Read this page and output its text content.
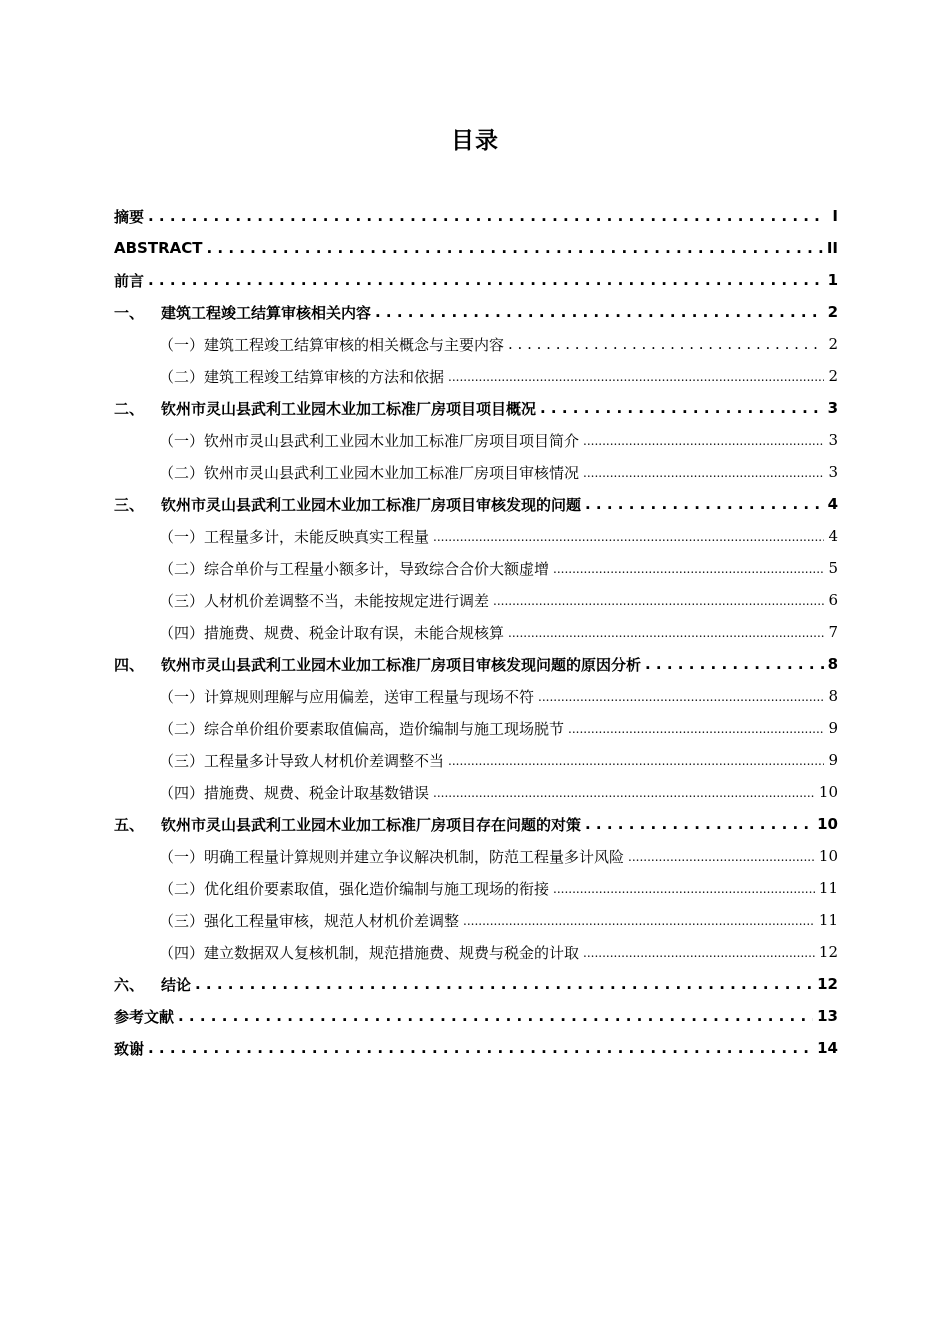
目录
摘要 . . .	I
ABSTRACT . . .	II
前言 . . .	1
一、	建筑工程竣工结算审核相关内容 . . .	2
（一）建筑工程竣工结算审核的相关概念与主要内容 . . .	2
（二）建筑工程竣工结算审核的方法和依据 .....	2
二、	钦州市灵山县武利工业园木业加工标准厂房项目项目概况 . . .	3
（一）钦州市灵山县武利工业园木业加工标准厂房项目项目简介 .....	3
（二）钦州市灵山县武利工业园木业加工标准厂房项目审核情况 .....	3
三、	钦州市灵山县武利工业园木业加工标准厂房项目审核发现的问题 . . .	4
（一）工程量多计，未能反映真实工程量 .....	4
（二）综合单价与工程量小额多计，导致综合合价大额虚增 .....	5
（三）人材机价差调整不当，未能按规定进行调差 .....	6
（四）措施费、规费、税金计取有误，未能合规核算 .....	7
四、	钦州市灵山县武利工业园木业加工标准厂房项目审核发现问题的原因分析 . . .	8
（一）计算规则理解与应用偏差，送审工程量与现场不符 .....	8
（二）综合单价组价要素取值偏高，造价编制与施工现场脱节 .....	9
（三）工程量多计导致人材机价差调整不当 .....	9
（四）措施费、规费、税金计取基数错误 .....	10
五、	钦州市灵山县武利工业园木业加工标准厂房项目存在问题的对策 . . .	10
（一）明确工程量计算规则并建立争议解决机制，防范工程量多计风险 .....	10
（二）优化组价要素取值，强化造价编制与施工现场的衔接 .....	11
（三）强化工程量审核，规范人材机价差调整 .....	11
（四）建立数据双人复核机制，规范措施费、规费与税金的计取 .....	12
六、	结论 . . .	12
参考文献 . . .	13
致谢 . . .	14
